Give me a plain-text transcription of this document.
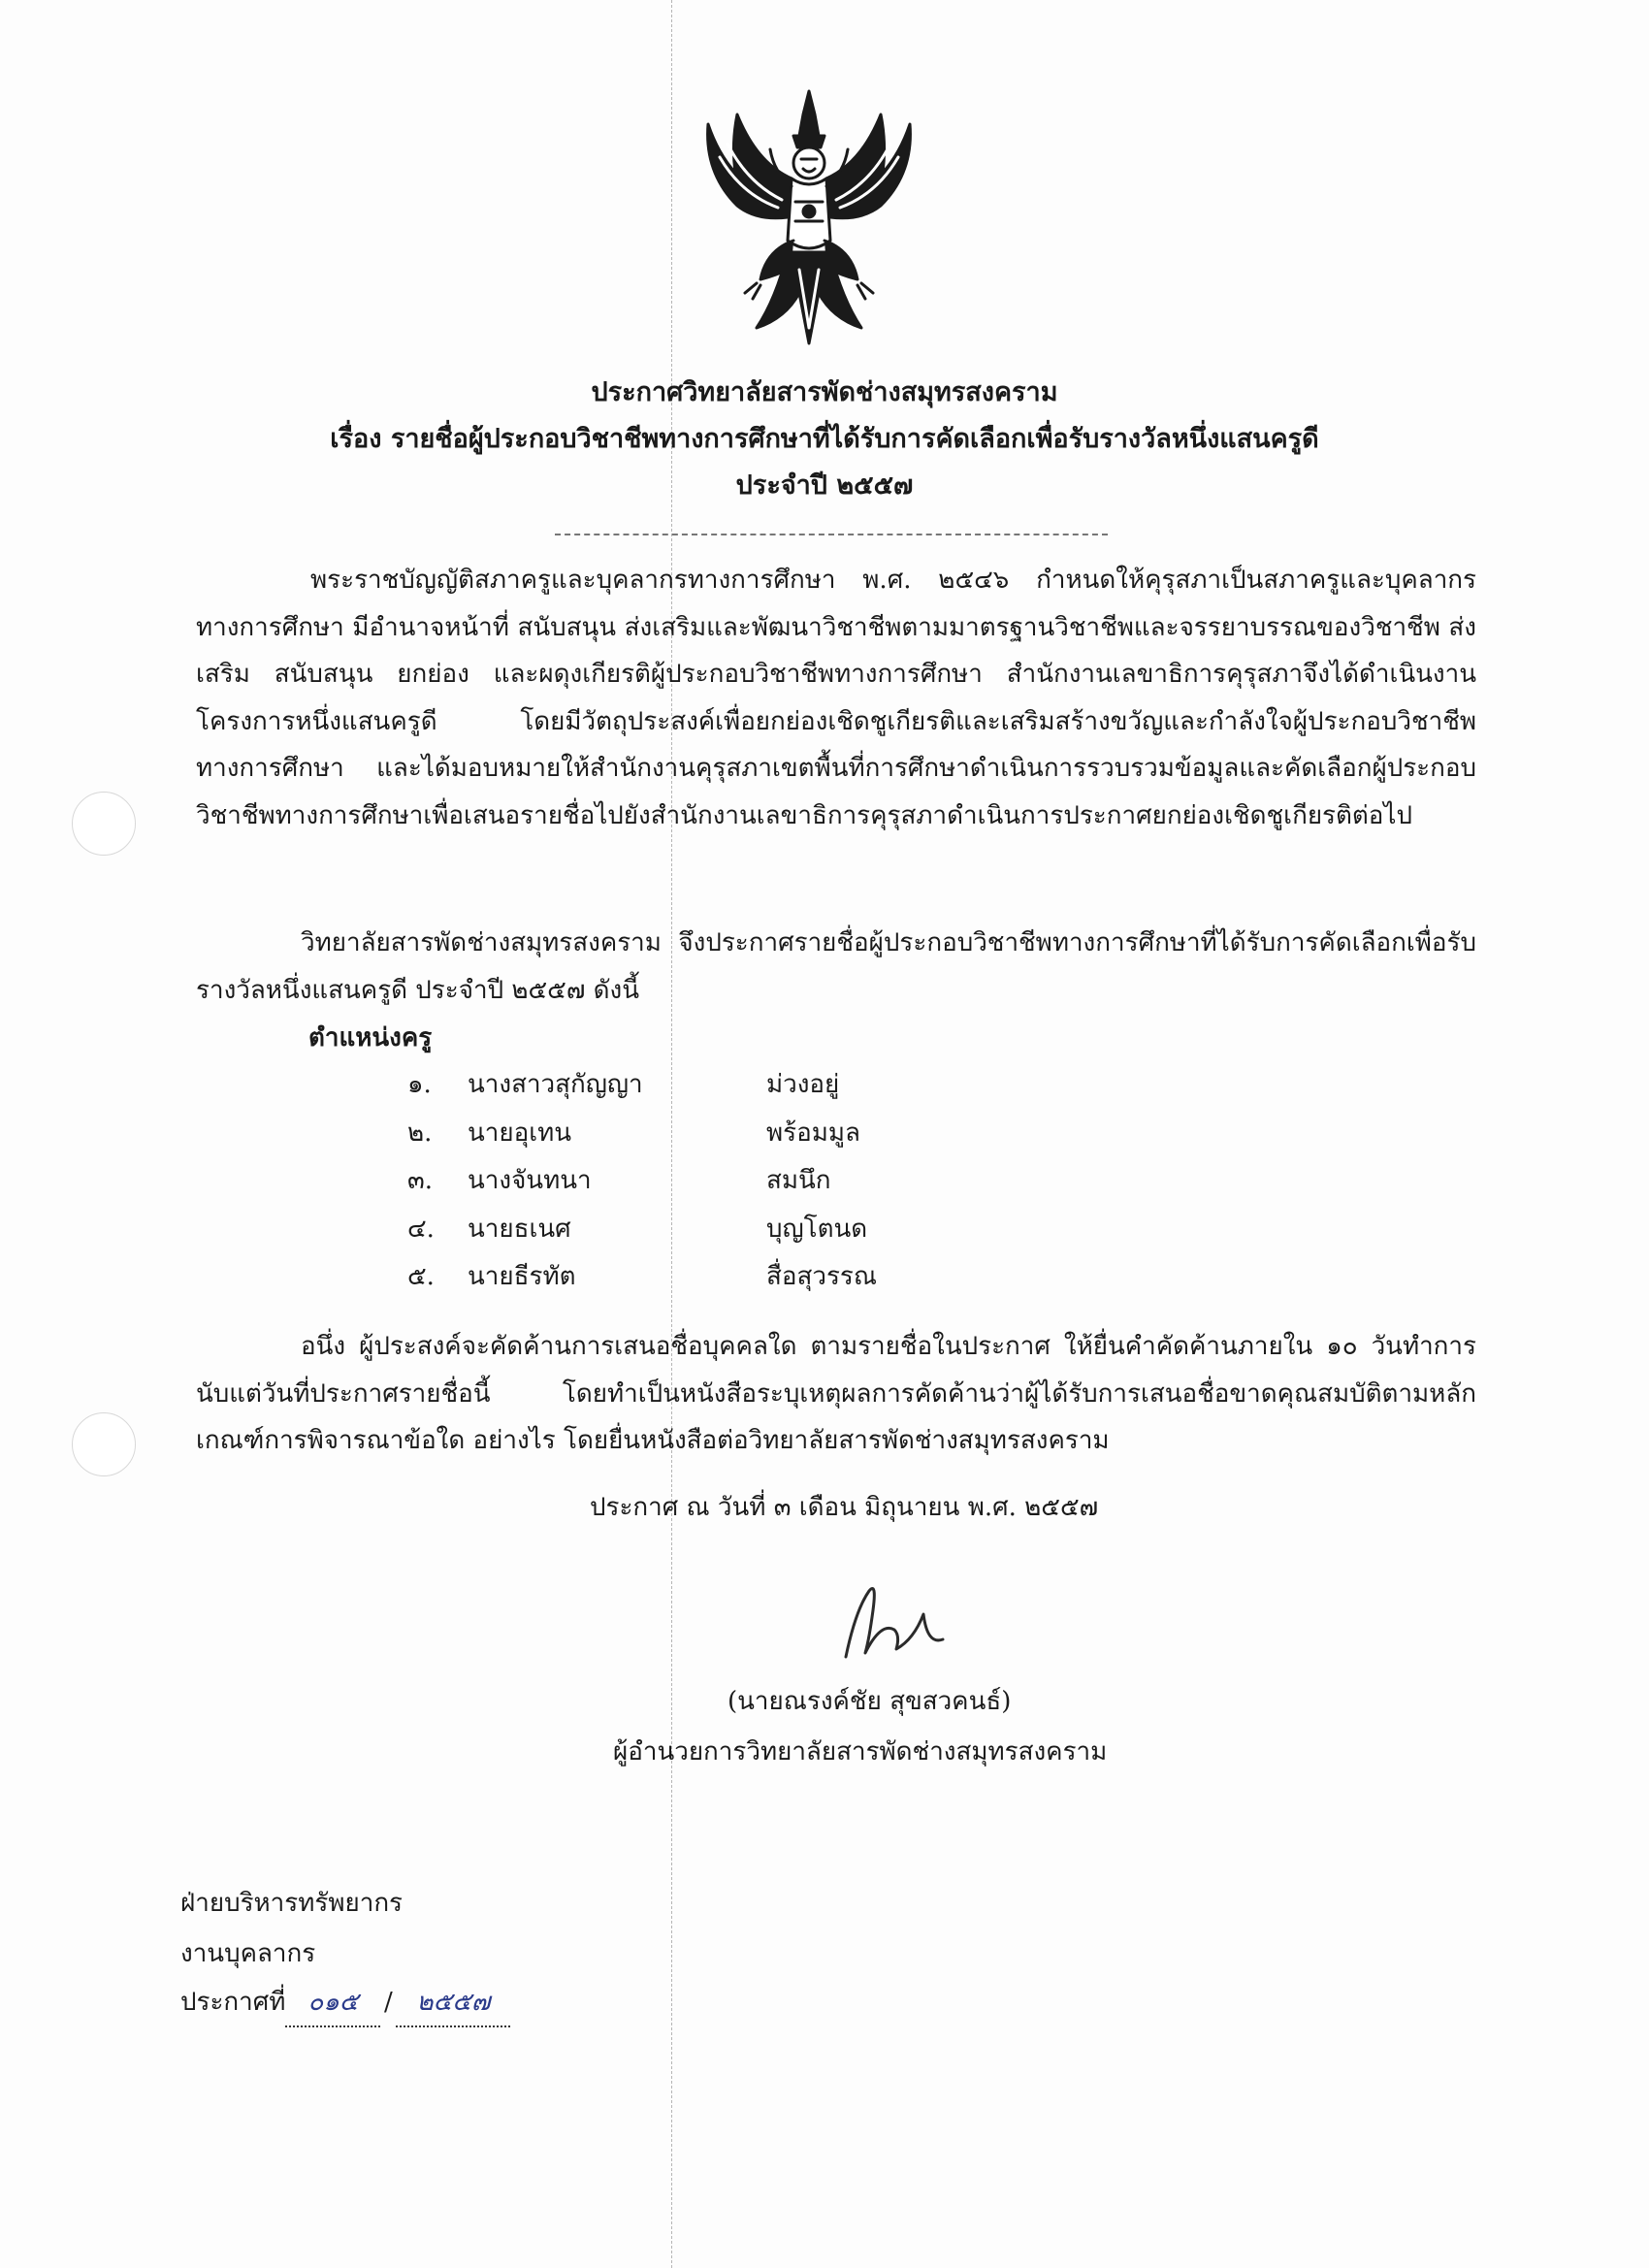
ประกาศวิทยาลัยสารพัดช่างสมุทรสงคราม
เรื่อง รายชื่อผู้ประกอบวิชาชีพทางการศึกษาที่ได้รับการคัดเลือกเพื่อรับรางวัลหนึ่งแสนครูดี
ประจำปี ๒๕๕๗
พระราชบัญญัติสภาครูและบุคลากรทางการศึกษา พ.ศ. ๒๕๔๖ กำหนดให้คุรุสภาเป็นสภาครูและบุคลากรทางการศึกษา มีอำนาจหน้าที่ สนับสนุน ส่งเสริมและพัฒนาวิชาชีพตามมาตรฐานวิชาชีพและจรรยาบรรณของวิชาชีพ ส่งเสริม สนับสนุน ยกย่อง และผดุงเกียรติผู้ประกอบวิชาชีพทางการศึกษา สำนักงานเลขาธิการคุรุสภาจึงได้ดำเนินงานโครงการหนึ่งแสนครูดี โดยมีวัตถุประสงค์เพื่อยกย่องเชิดชูเกียรติและเสริมสร้างขวัญและกำลังใจผู้ประกอบวิชาชีพทางการศึกษา และได้มอบหมายให้สำนักงานคุรุสภาเขตพื้นที่การศึกษาดำเนินการรวบรวมข้อมูลและคัดเลือกผู้ประกอบวิชาชีพทางการศึกษาเพื่อเสนอรายชื่อไปยังสำนักงานเลขาธิการคุรุสภาดำเนินการประกาศยกย่องเชิดชูเกียรติต่อไป
วิทยาลัยสารพัดช่างสมุทรสงคราม จึงประกาศรายชื่อผู้ประกอบวิชาชีพทางการศึกษาที่ได้รับการคัดเลือกเพื่อรับรางวัลหนึ่งแสนครูดี ประจำปี ๒๕๕๗ ดังนี้
ตำแหน่งครู
๑.	นางสาวสุกัญญา	ม่วงอยู่
๒.	นายอุเทน	พร้อมมูล
๓.	นางจันทนา	สมนึก
๔.	นายธเนศ	บุญโตนด
๕.	นายธีรทัต	สื่อสุวรรณ
อนึ่ง ผู้ประสงค์จะคัดค้านการเสนอชื่อบุคคลใด ตามรายชื่อในประกาศ ให้ยื่นคำคัดค้านภายใน ๑๐ วันทำการนับแต่วันที่ประกาศรายชื่อนี้ โดยทำเป็นหนังสือระบุเหตุผลการคัดค้านว่าผู้ได้รับการเสนอชื่อขาดคุณสมบัติตามหลักเกณฑ์การพิจารณาข้อใด อย่างไร โดยยื่นหนังสือต่อวิทยาลัยสารพัดช่างสมุทรสงคราม
ประกาศ ณ วันที่ ๓ เดือน มิถุนายน พ.ศ. ๒๕๕๗
(นายณรงค์ชัย สุขสวคนธ์)
ผู้อำนวยการวิทยาลัยสารพัดช่างสมุทรสงคราม
ฝ่ายบริหารทรัพยากร
งานบุคลากร
ประกาศที่ ๐๑๕ / ๒๕๕๗
